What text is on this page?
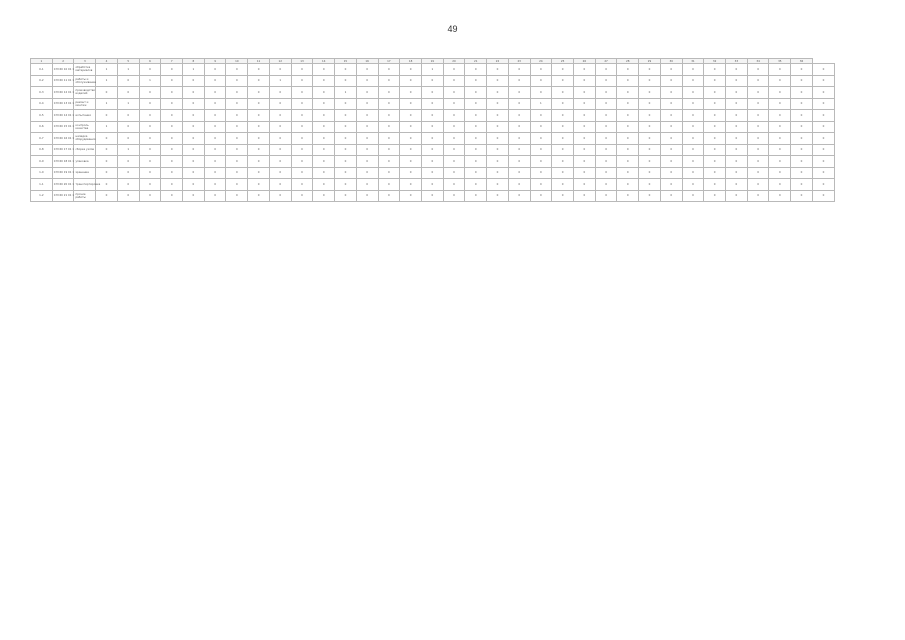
49
1	2	3	4	5	6	7	8	9	10	11	12	13	14	15	16	17	18	19	20	21	22	23	24	25	26	27	28	29	30	31	32	33	34	35	36	
0-1	0 М 60 10 01 1	обработка материалов	1	1	0	0	1	0	0	0	0	0	0	0	0	0	0	1	0	0	0	0	0	0	0	0	0	0	0	0	0	0	0	0	0	0
0-2	0 М 60 11 01 1	работы и обслуживание	1	0	1	0	0	0	0	0	1	0	0	0	0	0	0	0	0	0	0	0	0	0	0	0	0	0	0	0	0	0	0	0	0	0
0-3	0 М 60 12 01 1	производство изделий	0	0	0	0	0	0	0	0	0	0	0	1	0	0	0	0	0	0	0	0	0	0	0	0	0	0	0	0	0	0	0	0	0	0
0-4	0 М 60 13 01 1	ремонт и монтаж	1	1	0	0	0	0	0	0	0	0	0	0	0	0	0	0	0	0	0	0	1	0	0	0	0	0	0	0	0	0	0	0	0	0
0-5	0 М 60 14 01 1	испытания	0	0	0	0	0	0	0	0	0	0	0	0	0	0	0	0	0	0	0	0	0	0	0	0	0	0	0	0	0	0	0	0	0	0
0-6	0 М 60 15 01 1	контроль качества	1	0	0	0	0	0	0	0	0	0	0	0	0	0	0	0	0	0	0	0	0	0	0	0	0	0	0	0	0	0	0	0	0	0
0-7	0 М 60 16 01 1	наладка оборудования	0	0	0	0	0	0	0	0	0	0	0	0	0	0	0	0	0	0	0	0	0	0	0	0	0	0	0	0	0	0	0	0	0	0
0-8	0 М 60 17 01 1	сборка узлов	0	1	0	0	0	0	0	0	0	0	0	0	0	0	0	0	0	0	0	0	0	0	0	0	0	0	0	0	0	0	0	0	0	0
0-9	0 М 60 18 01 1	упаковка	0	0	0	0	0	0	0	0	0	0	0	0	0	0	0	0	0	0	0	0	0	0	0	0	0	0	0	0	0	0	0	0	0	0
1-0	0 М 60 19 01 1	хранение	0	0	0	0	0	0	0	0	0	0	0	0	0	0	0	0	0	0	0	0	0	0	0	0	0	0	0	0	0	0	0	0	0	0
1-1	0 М 60 20 01 1	транспортировка	0	0	0	0	0	0	0	0	0	0	0	0	0	0	0	0	0	0	0	0	0	0	0	0	0	0	0	0	0	0	0	0	0	0
1-2	0 М 60 21 01 1	прочие работы	0	0	0	0	0	0	0	0	0	0	0	0	0	0	0	0	0	0	0	0	0	0	0	0	0	0	0	0	0	0	0	0	0	0
